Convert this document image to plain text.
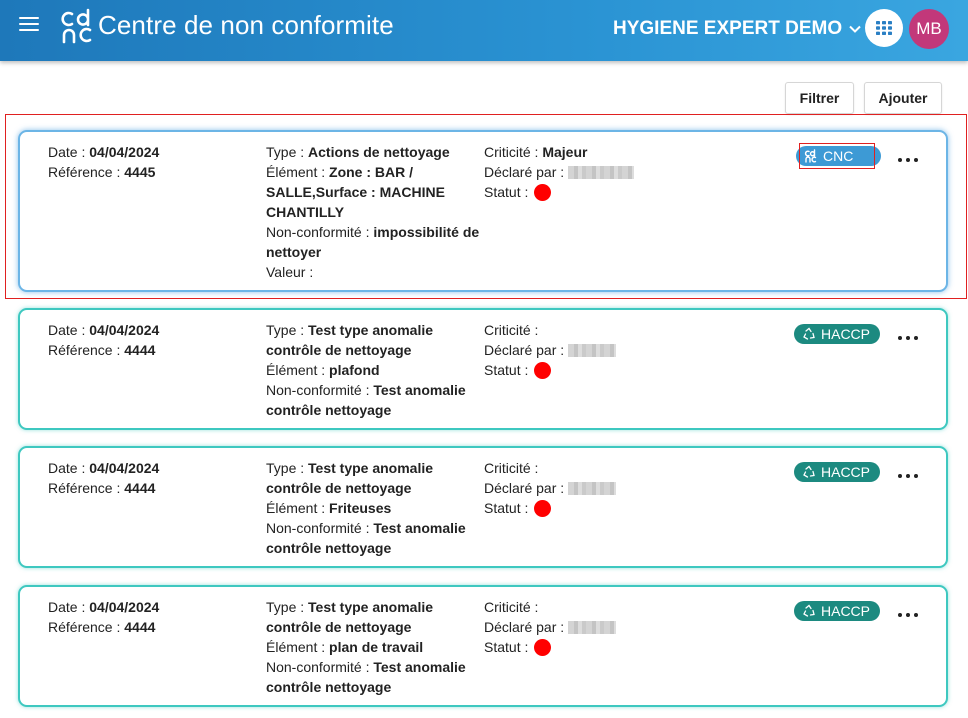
Centre de non conformite	HYGIENE EXPERT DEMO	MB
Filtrer	Ajouter
Date : 04/04/2024
Référence : 4445
Type : Actions de nettoyage
Élément : Zone : BAR / SALLE,Surface : MACHINE CHANTILLY
Non-conformité : impossibilité de nettoyer
Valeur :
Criticité : Majeur
Déclaré par :
Statut :
CNC
Date : 04/04/2024
Référence : 4444
Type : Test type anomalie contrôle de nettoyage
Élément : plafond
Non-conformité : Test anomalie contrôle nettoyage
Criticité :
Déclaré par :
Statut :
HACCP
Date : 04/04/2024
Référence : 4444
Type : Test type anomalie contrôle de nettoyage
Élément : Friteuses
Non-conformité : Test anomalie contrôle nettoyage
Criticité :
Déclaré par :
Statut :
HACCP
Date : 04/04/2024
Référence : 4444
Type : Test type anomalie contrôle de nettoyage
Élément : plan de travail
Non-conformité : Test anomalie contrôle nettoyage
Criticité :
Déclaré par :
Statut :
HACCP
